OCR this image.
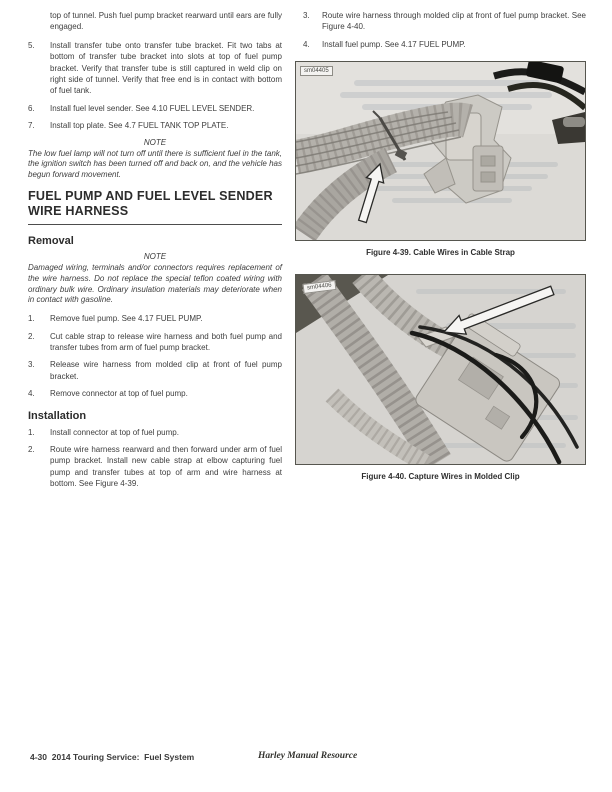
top of tunnel. Push fuel pump bracket rearward until ears are fully engaged.

5.	Install transfer tube onto transfer tube bracket. Fit two tabs at bottom of transfer tube bracket into slots at top of fuel pump bracket. Verify that transfer tube is still captured in weld clip on right side of tunnel. Verify that free end is in contact with bottom of fuel tank.
6.	Install fuel level sender. See 4.10 FUEL LEVEL SENDER.
7.	Install top plate. See 4.7 FUEL TANK TOP PLATE.
NOTE

The low fuel lamp will not turn off until there is sufficient fuel in the tank, the ignition switch has been turned off and back on, and the vehicle has begun forward movement.

FUEL PUMP AND FUEL LEVEL SENDER WIRE HARNESS
Removal
NOTE

Damaged wiring, terminals and/or connectors requires replacement of the wire harness. Do not replace the special teflon coated wiring with ordinary bulk wire. Ordinary insulation materials may deteriorate when in contact with gasoline.

1.	Remove fuel pump. See 4.17 FUEL PUMP.
2.	Cut cable strap to release wire harness and both fuel pump and transfer tubes from arm of fuel pump bracket.
3.	Release wire harness from molded clip at front of fuel pump bracket.
4.	Remove connector at top of fuel pump.
Installation
1.	Install connector at top of fuel pump.
2.	Route wire harness rearward and then forward under arm of fuel pump bracket. Install new cable strap at elbow capturing fuel pump and transfer tubes at top of arm and wire harness at bottom. See Figure 4-39.
3.	Route wire harness through molded clip at front of fuel pump bracket. See Figure 4-40.
4.	Install fuel pump. See 4.17 FUEL PUMP.
sm04405

Figure 4-39. Cable Wires in Cable Strap

sm04406

Figure 4-40. Capture Wires in Molded Clip

4-30  2014 Touring Service:  Fuel System	Harley Manual Resource
